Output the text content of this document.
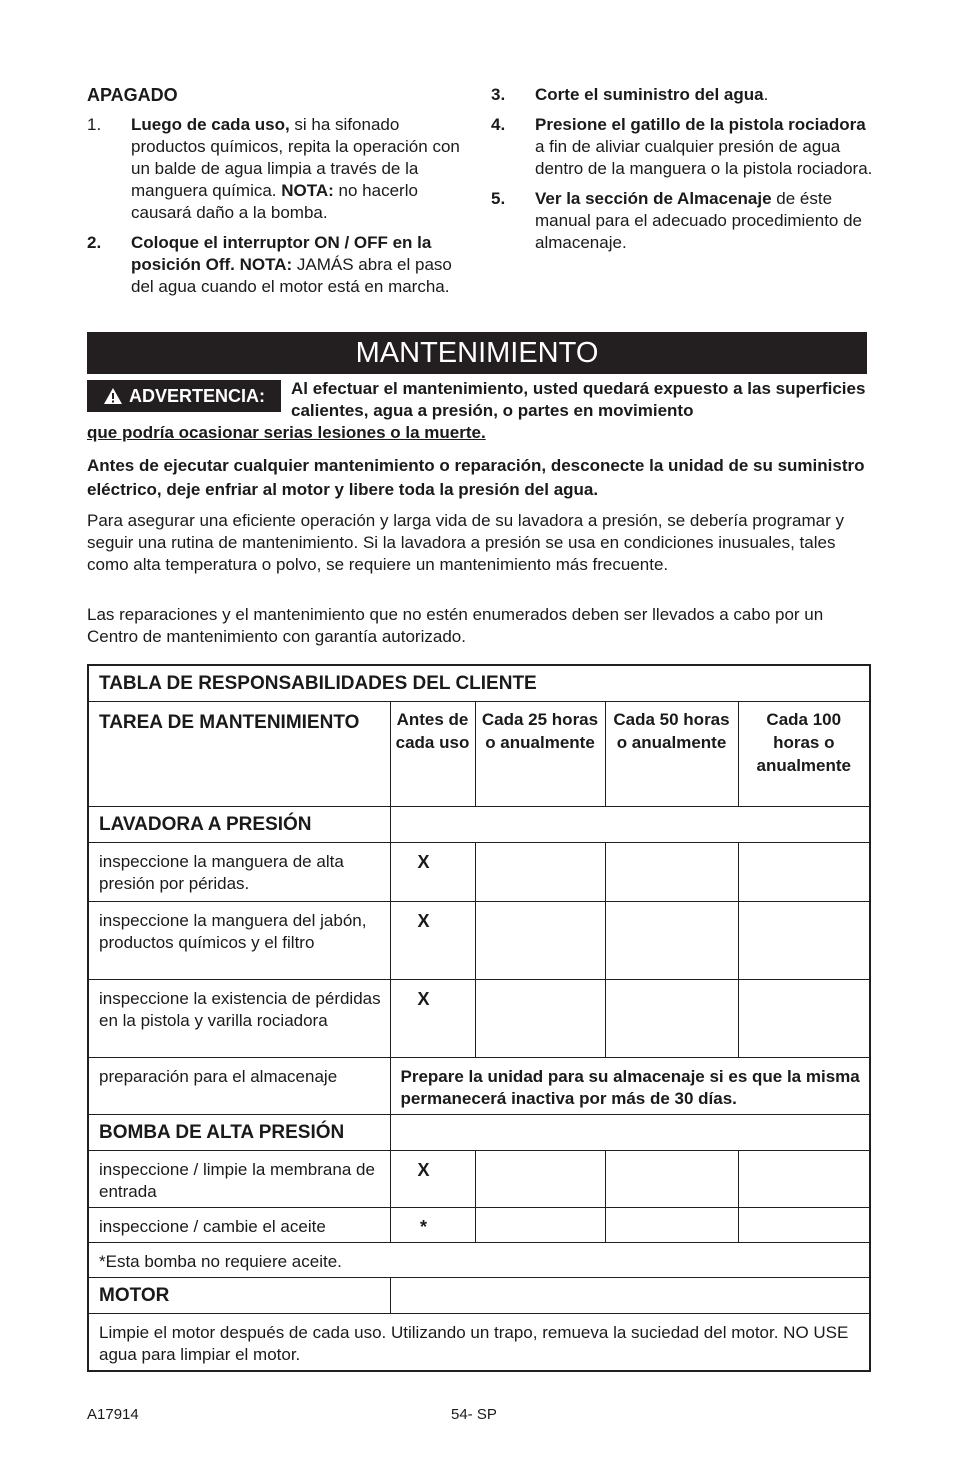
APAGADO
1.	Luego de cada uso, si ha sifonado productos químicos, repita la operación con un balde de agua limpia a través de la manguera química. NOTA: no hacerlo causará daño a la bomba.
2.	Coloque el interruptor ON / OFF en la posición Off. NOTA: JAMÁS abra el paso del agua cuando el motor está en marcha.
3.	Corte el suministro del agua.
4.	Presione el gatillo de la pistola rociadora a fin de aliviar cualquier presión de agua dentro de la manguera o la pistola rociadora.
5.	Ver la sección de Almacenaje de éste manual para el adecuado procedimiento de almacenaje.
MANTENIMIENTO
ADVERTENCIA: Al efectuar el mantenimiento, usted quedará expuesto a las superficies calientes, agua a presión, o partes en movimiento
que podría ocasionar serias lesiones o la muerte.
Antes de ejecutar cualquier mantenimiento o reparación, desconecte la unidad de su suministro eléctrico, deje enfriar al motor y libere toda la presión del agua.
Para asegurar una eficiente operación y larga vida de su lavadora a presión, se debería programar y seguir una rutina de mantenimiento. Si la lavadora a presión se usa en condiciones inusuales, tales como alta temperatura o polvo, se requiere un mantenimiento más frecuente.
Las reparaciones y el mantenimiento que no estén enumerados deben ser llevados a cabo por un Centro de mantenimiento con garantía autorizado.
TABLA DE RESPONSABILIDADES DEL CLIENTE				
TAREA DE MANTENIMIENTO	Antes de cada uso	Cada 25 horas o anualmente	Cada 50 horas o anualmente	Cada 100 horas o anualmente
LAVADORA A PRESIÓN				
inspeccione la manguera de alta presión por péridas.	X			
inspeccione la manguera del jabón, productos químicos y el filtro	X			
inspeccione la existencia de pérdidas en la pistola y varilla rociadora	X			
preparación para el almacenaje	Prepare la unidad para su almacenaje si es que la misma permanecerá inactiva por más de 30 días.			
BOMBA DE ALTA PRESIÓN				
inspeccione / limpie la membrana de entrada	X			
inspeccione / cambie el aceite	*			
*Esta bomba no requiere aceite.				
MOTOR				
Limpie el motor después de cada uso. Utilizando un trapo, remueva la suciedad del motor. NO USE agua para limpiar el motor.				
A17914	54- SP
